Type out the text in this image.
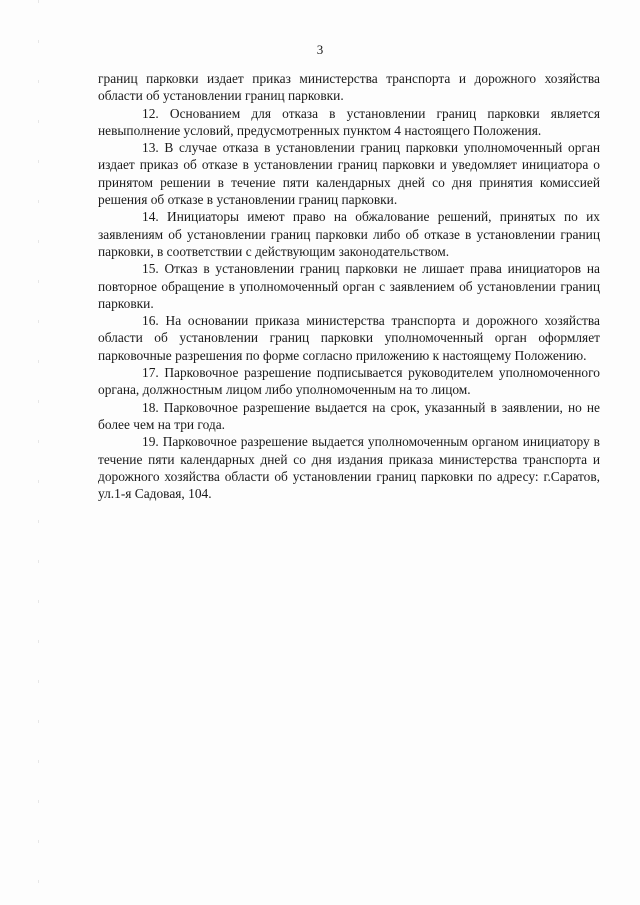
3

границ парковки издает приказ министерства транспорта и дорожного хозяйства области об установлении границ парковки.

12. Основанием для отказа в установлении границ парковки является невыполнение условий, предусмотренных пунктом 4 настоящего Положения.

13. В случае отказа в установлении границ парковки уполномоченный орган издает приказ об отказе в установлении границ парковки и уведомляет инициатора о принятом решении в течение пяти календарных дней со дня принятия комиссией решения об отказе в установлении границ парковки.

14. Инициаторы имеют право на обжалование решений, принятых по их заявлениям об установлении границ парковки либо об отказе в установлении границ парковки, в соответствии с действующим законодательством.

15. Отказ в установлении границ парковки не лишает права инициаторов на повторное обращение в уполномоченный орган с заявлением об установлении границ парковки.

16. На основании приказа министерства транспорта и дорожного хозяйства области об установлении границ парковки уполномоченный орган оформляет парковочные разрешения по форме согласно приложению к настоящему Положению.

17. Парковочное разрешение подписывается руководителем уполномоченного органа, должностным лицом либо уполномоченным на то лицом.

18. Парковочное разрешение выдается на срок, указанный в заявлении, но не более чем на три года.

19. Парковочное разрешение выдается уполномоченным органом инициатору в течение пяти календарных дней со дня издания приказа министерства транспорта и дорожного хозяйства области об установлении границ парковки по адресу: г.Саратов, ул.1-я Садовая, 104.
